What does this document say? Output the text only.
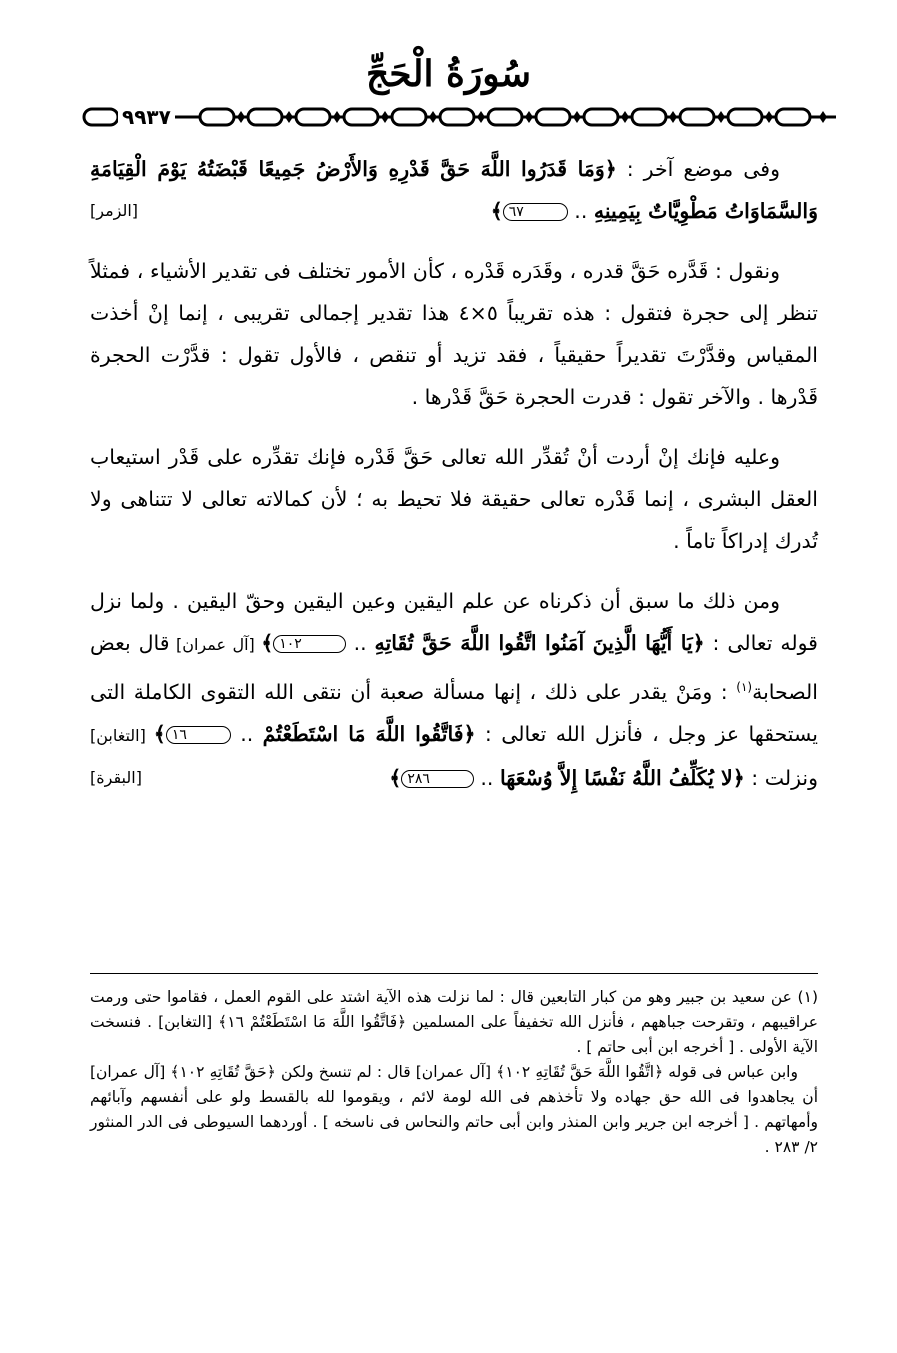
سُورَةُ الْحَجِّ
٩٩٣٧

وفى موضع آخر : ﴿وَمَا قَدَرُوا اللَّهَ حَقَّ قَدْرِهِ وَالأَرْضُ جَمِيعًا قَبْضَتُهُ يَوْمَ الْقِيَامَةِ وَالسَّمَاوَاتُ مَطْوِيَّاتٌ بِيَمِينِهِ .. ٦٧﴾
[الزمر]

ونقول : قَدَّره حَقَّ قدره ، وقَدَره قَدْره ، كأن الأمور تختلف فى تقدير الأشياء ، فمثلاً تنظر إلى حجرة فتقول : هذه تقريباً ٥×٤ هذا تقدير إجمالى تقريبى ، إنما إنْ أخذت المقياس وقدَّرْتَ تقديراً حقيقياً ، فقد تزيد أو تنقص ، فالأول تقول : قدَّرْت الحجرة قَدْرها . والآخر تقول : قدرت الحجرة حَقَّ قَدْرها .

وعليه فإنك إنْ أردت أنْ تُقدِّر الله تعالى حَقَّ قَدْره فإنك تقدِّره على قَدْر استيعاب العقل البشرى ، إنما قَدْره تعالى حقيقة فلا تحيط به ؛ لأن كمالاته تعالى لا تتناهى ولا تُدرك إدراكاً تاماً .

ومن ذلك ما سبق أن ذكرناه عن علم اليقين وعين اليقين وحقّ اليقين . ولما نزل قوله تعالى : ﴿يَا أَيُّهَا الَّذِينَ آمَنُوا اتَّقُوا اللَّهَ حَقَّ تُقَاتِهِ .. ١٠٢﴾ [آل عمران] قال بعض الصحابة$^{(١)}$ : ومَنْ يقدر على ذلك ، إنها مسألة صعبة أن نتقى الله التقوى الكاملة التى يستحقها عز وجل ، فأنزل الله تعالى : ﴿فَاتَّقُوا اللَّهَ مَا اسْتَطَعْتُمْ .. ١٦﴾ [التغابن] ونزلت : ﴿لا يُكَلِّفُ اللَّهُ نَفْسًا إِلاَّ وُسْعَهَا .. ٢٨٦﴾
[البقرة]

(١) عن سعيد بن جبير وهو من كبار التابعين قال : لما نزلت هذه الآية اشتد على القوم العمل ، فقاموا حتى ورمت عراقيبهم ، وتقرحت جباههم ، فأنزل الله تخفيفاً على المسلمين ﴿فَاتَّقُوا اللَّهَ مَا اسْتَطَعْتُمْ ١٦﴾ [التغابن] . فنسخت الآية الأولى . [ أخرجه ابن أبى حاتم ] .

وابن عباس فى قوله ﴿اتَّقُوا اللَّهَ حَقَّ تُقَاتِهِ ١٠٢﴾ [آل عمران] قال : لم تنسخ ولكن ﴿حَقَّ تُقَاتِهِ ١٠٢﴾ [آل عمران] أن يجاهدوا فى الله حق جهاده ولا تأخذهم فى الله لومة لائم ، ويقوموا لله بالقسط ولو على أنفسهم وآبائهم وأمهاتهم . [ أخرجه ابن جرير وابن المنذر وابن أبى حاتم والنحاس فى ناسخه ] . أوردهما السيوطى فى الدر المنثور ٢/ ٢٨٣ .
